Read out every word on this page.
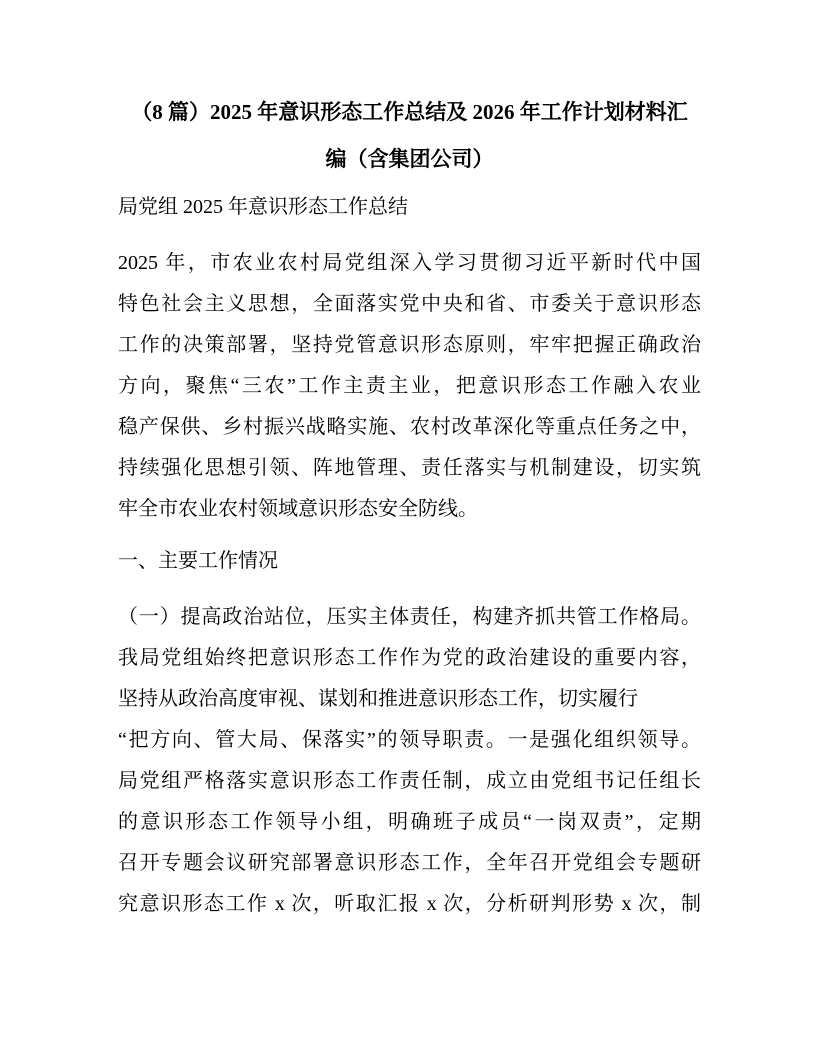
（8 篇）2025 年意识形态工作总结及 2026 年工作计划材料汇
编（含集团公司）
局党组 2025 年意识形态工作总结
2025 年，市农业农村局党组深入学习贯彻习近平新时代中国
特色社会主义思想，全面落实党中央和省、市委关于意识形态
工作的决策部署，坚持党管意识形态原则，牢牢把握正确政治
方向，聚焦“三农”工作主责主业，把意识形态工作融入农业
稳产保供、乡村振兴战略实施、农村改革深化等重点任务之中，
持续强化思想引领、阵地管理、责任落实与机制建设，切实筑
牢全市农业农村领域意识形态安全防线。
一、主要工作情况
（一）提高政治站位，压实主体责任，构建齐抓共管工作格局。
我局党组始终把意识形态工作作为党的政治建设的重要内容，
坚持从政治高度审视、谋划和推进意识形态工作，切实履行
“把方向、管大局、保落实”的领导职责。一是强化组织领导。
局党组严格落实意识形态工作责任制，成立由党组书记任组长
的意识形态工作领导小组，明确班子成员“一岗双责”，定期
召开专题会议研究部署意识形态工作，全年召开党组会专题研
究意识形态工作 x 次，听取汇报 x 次，分析研判形势 x 次，制
